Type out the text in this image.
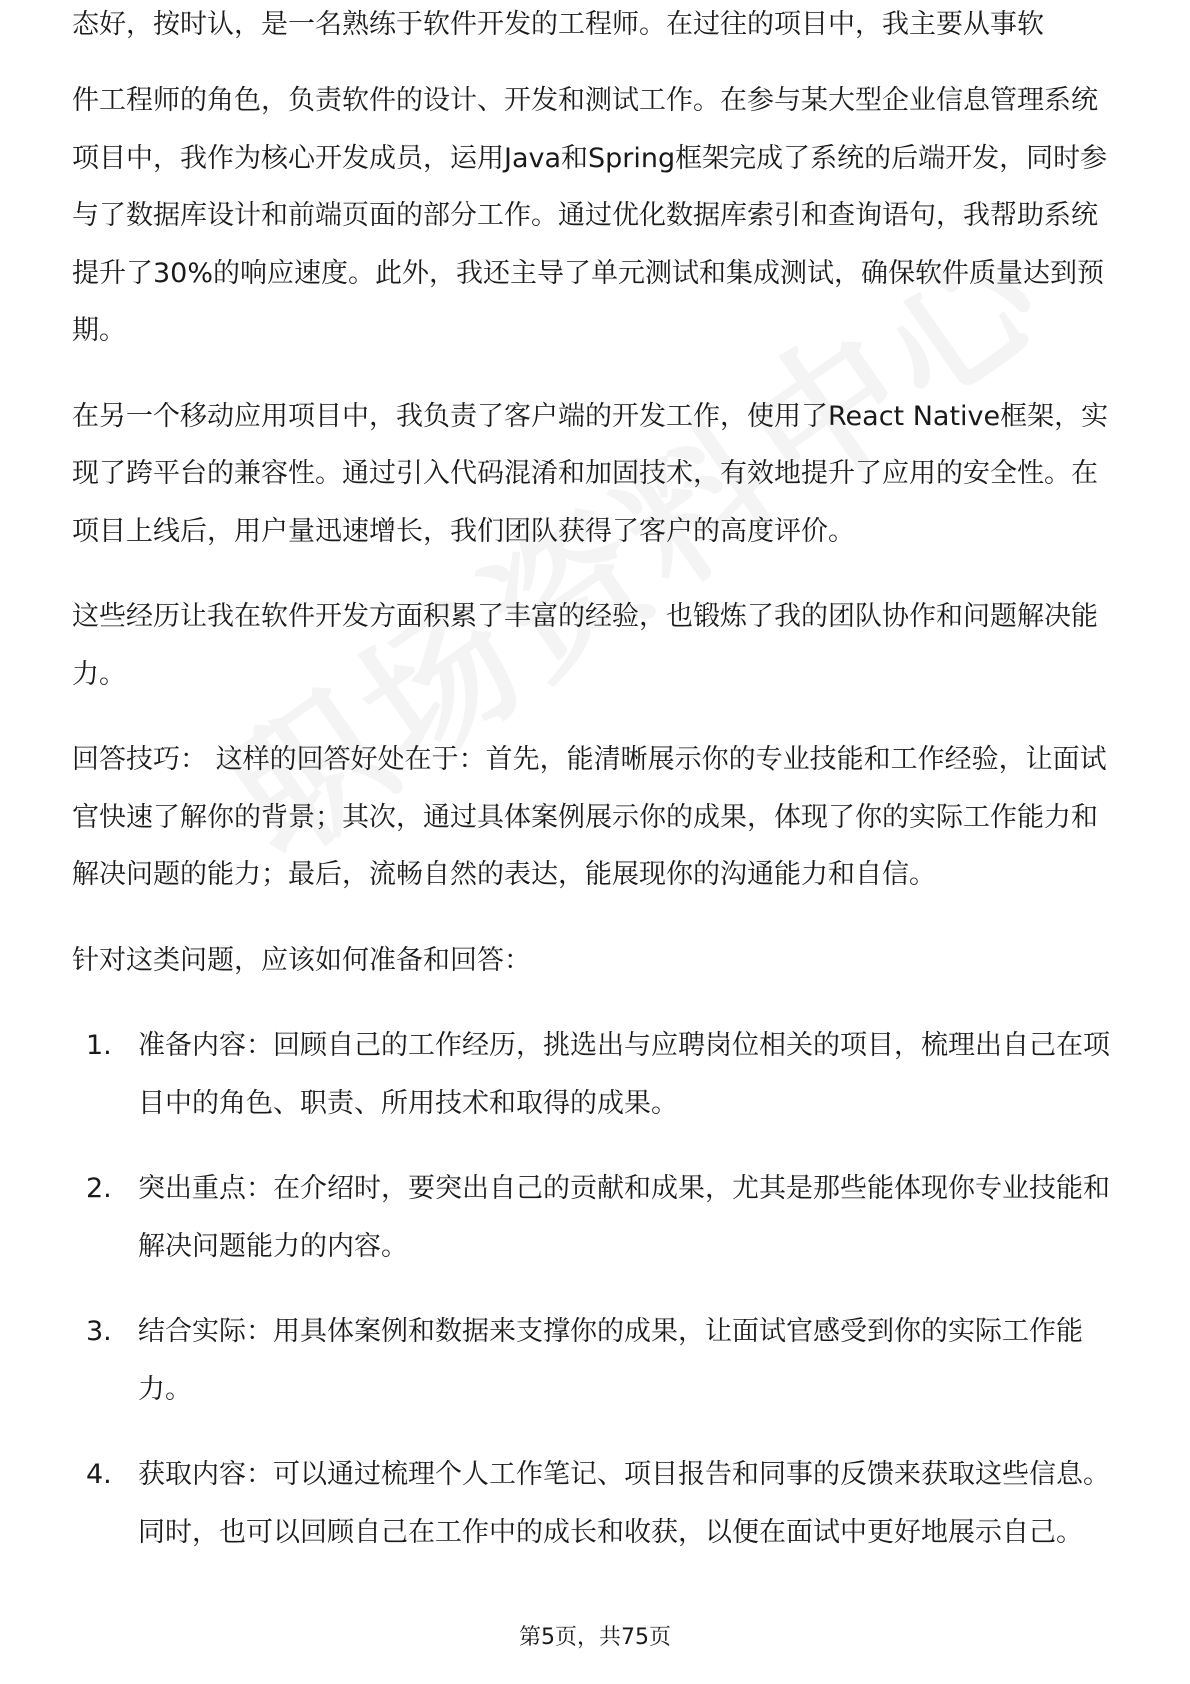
态好，按时认，是一名熟练于软件开发的工程师。在过往的项目中，我主要从事软

件工程师的角色，负责软件的设计、开发和测试工作。在参与某大型企业信息管理系统项目中，我作为核心开发成员，运用Java和Spring框架完成了系统的后端开发，同时参与了数据库设计和前端页面的部分工作。通过优化数据库索引和查询语句，我帮助系统提升了30%的响应速度。此外，我还主导了单元测试和集成测试，确保软件质量达到预期。

在另一个移动应用项目中，我负责了客户端的开发工作，使用了React Native框架，实现了跨平台的兼容性。通过引入代码混淆和加固技术，有效地提升了应用的安全性。在项目上线后，用户量迅速增长，我们团队获得了客户的高度评价。

这些经历让我在软件开发方面积累了丰富的经验，也锻炼了我的团队协作和问题解决能力。

回答技巧： 这样的回答好处在于：首先，能清晰展示你的专业技能和工作经验，让面试官快速了解你的背景；其次，通过具体案例展示你的成果，体现了你的实际工作能力和解决问题的能力；最后，流畅自然的表达，能展现你的沟通能力和自信。

针对这类问题，应该如何准备和回答：

1. 准备内容：回顾自己的工作经历，挑选出与应聘岗位相关的项目，梳理出自己在项目中的角色、职责、所用技术和取得的成果。
2. 突出重点：在介绍时，要突出自己的贡献和成果，尤其是那些能体现你专业技能和解决问题能力的内容。
3. 结合实际：用具体案例和数据来支撑你的成果，让面试官感受到你的实际工作能力。
4. 获取内容：可以通过梳理个人工作笔记、项目报告和同事的反馈来获取这些信息。同时，也可以回顾自己在工作中的成长和收获，以便在面试中更好地展示自己。
第5页，共75页
